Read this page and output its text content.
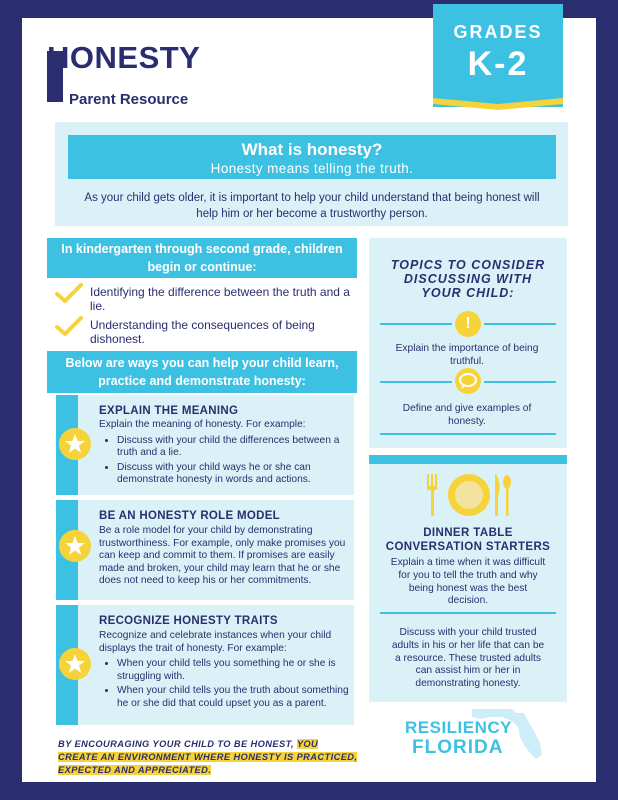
HONESTY
Parent Resource
GRADES
K-2
What is honesty?
Honesty means telling the truth.
As your child gets older, it is important to help your child understand that being honest will help him or her become a trustworthy person.
In kindergarten through second grade, children begin or continue:
Identifying the difference between the truth and a lie.
Understanding the consequences of being dishonest.
Below are ways you can help your child learn, practice and demonstrate honesty:
EXPLAIN THE MEANING
Explain the meaning of honesty. For example:
• Discuss with your child the differences between a truth and a lie.
• Discuss with your child ways he or she can demonstrate honesty in words and actions.
BE AN HONESTY ROLE MODEL
Be a role model for your child by demonstrating trustworthiness. For example, only make promises you can keep and commit to them. If promises are easily made and broken, your child may learn that he or she does not need to keep his or her commitments.
RECOGNIZE HONESTY TRAITS
Recognize and celebrate instances when your child displays the trait of honesty. For example:
• When your child tells you something he or she is struggling with.
• When your child tells you the truth about something he or she did that could upset you as a parent.
TOPICS TO CONSIDER DISCUSSING WITH YOUR CHILD:
!
Explain the importance of being truthful.
Define and give examples of honesty.
DINNER TABLE CONVERSATION STARTERS
Explain a time when it was difficult for you to tell the truth and why being honest was the best decision.
Discuss with your child trusted adults in his or her life that can be a resource. These trusted adults can assist him or her in demonstrating honesty.
BY ENCOURAGING YOUR CHILD TO BE HONEST, YOU CREATE AN ENVIRONMENT WHERE HONESTY IS PRACTICED, EXPECTED AND APPRECIATED.
RESILIENCY
FLORIDA
